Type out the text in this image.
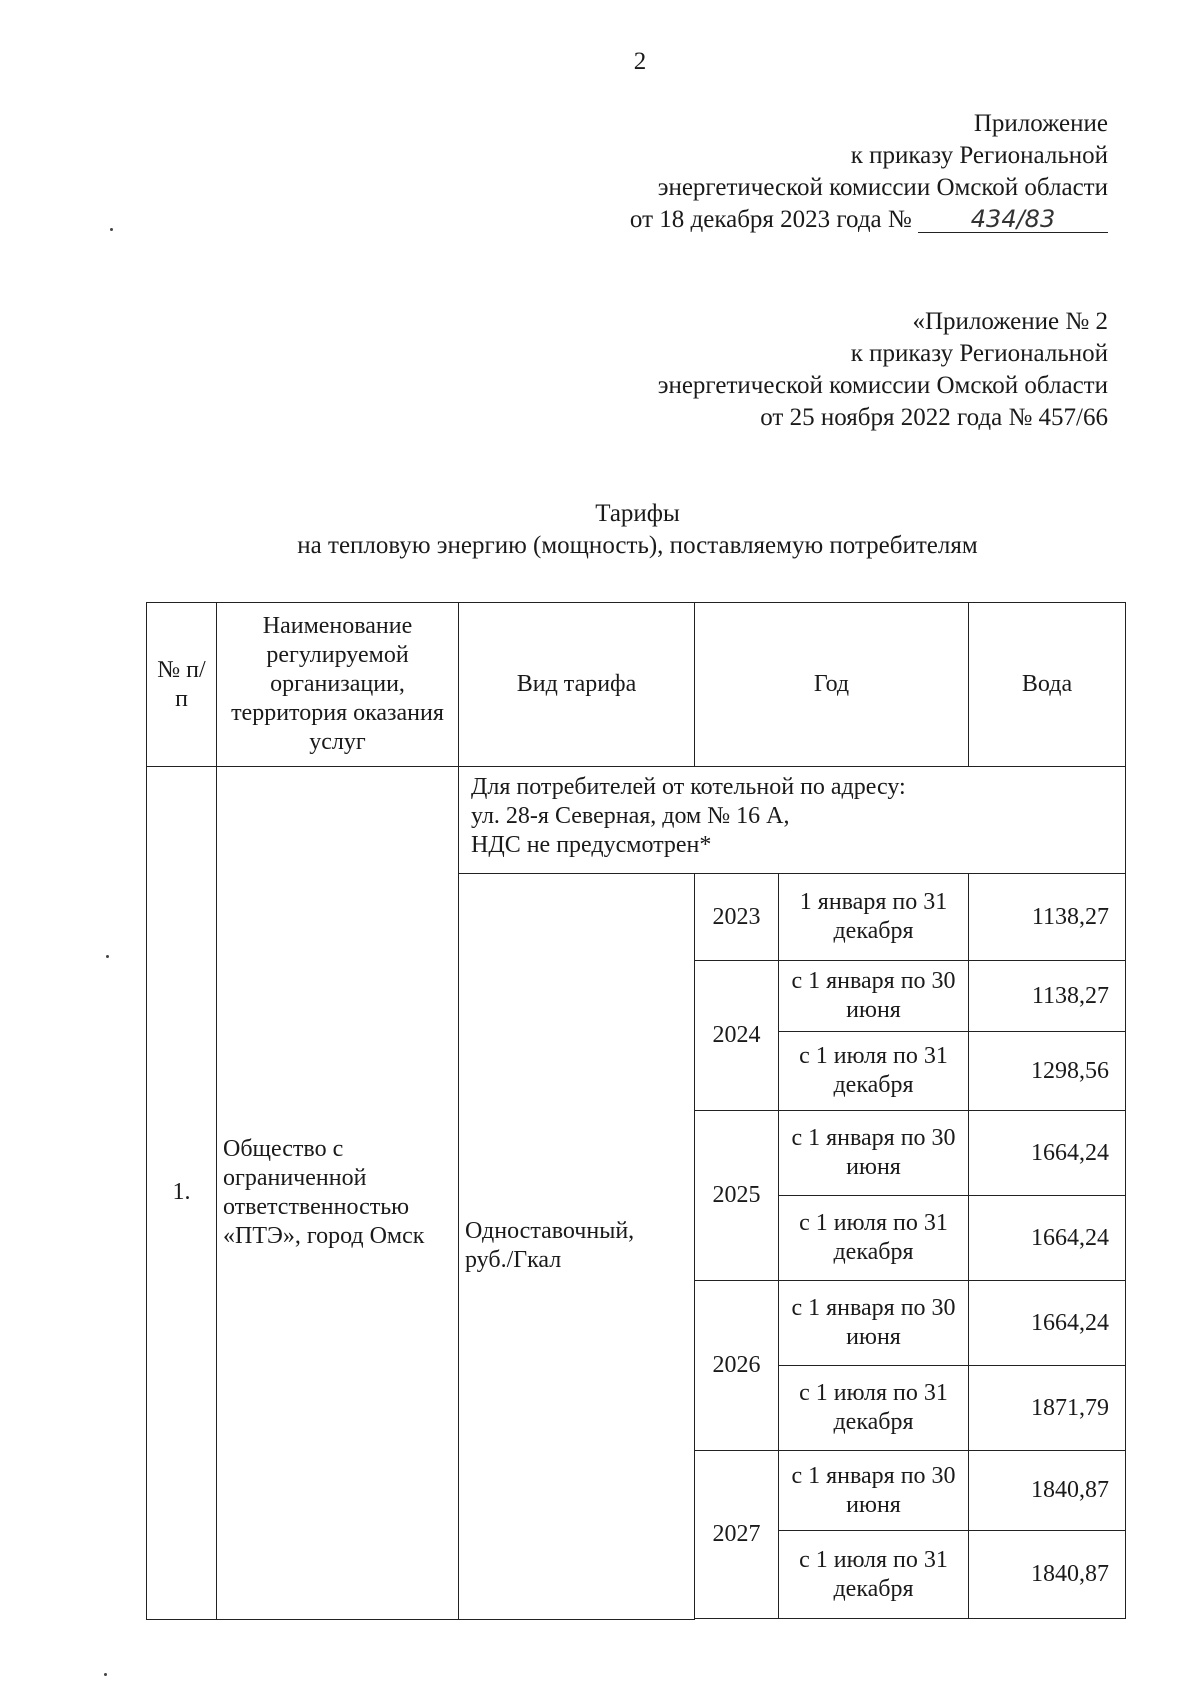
2
Приложение
к приказу Региональной
энергетической комиссии Омской области
от 18 декабря 2023 года № 434/83
«Приложение № 2
к приказу Региональной
энергетической комиссии Омской области
от 25 ноября 2022 года № 457/66
Тарифы
на тепловую энергию (мощность), поставляемую потребителям
№ п/п	Наименование регулируемой организации, территория оказания услуг	Вид тарифа	Год		Вода
1.	Общество с ограниченной ответственностью «ПТЭ», город Омск	Для потребителей от котельной по адресу:
ул. 28-я Северная, дом № 16 А,
НДС не предусмотрен*			

		Одноставочный, руб./Гкал	2023	1 января по 31 декабря	1138,27
			2024	с 1 января по 30 июня	1138,27
				с 1 июля по 31 декабря	1298,56
			2025	с 1 января по 30 июня	1664,24
				с 1 июля по 31 декабря	1664,24
			2026	с 1 января по 30 июня	1664,24
				с 1 июля по 31 декабря	1871,79
			2027	с 1 января по 30 июня	1840,87
				с 1 июля по 31 декабря	1840,87
